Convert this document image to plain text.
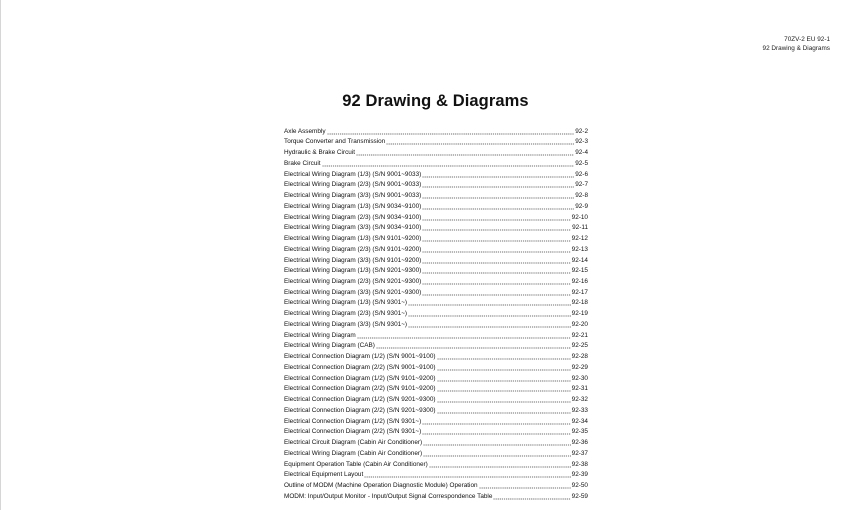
70ZV-2 EU 92-1
92 Drawing & Diagrams
92 Drawing & Diagrams
Axle Assembly	92-2
Torque Converter and Transmission	92-3
Hydraulic & Brake Circuit	92-4
Brake Circuit	92-5
Electrical Wiring Diagram (1/3) (S/N 9001~9033)	92-6
Electrical Wiring Diagram (2/3) (S/N 9001~9033)	92-7
Electrical Wiring Diagram (3/3) (S/N 9001~9033)	92-8
Electrical Wiring Diagram (1/3) (S/N 9034~9100)	92-9
Electrical Wiring Diagram (2/3) (S/N 9034~9100)	92-10
Electrical Wiring Diagram (3/3) (S/N 9034~9100)	92-11
Electrical Wiring Diagram (1/3) (S/N 9101~9200)	92-12
Electrical Wiring Diagram (2/3) (S/N 9101~9200)	92-13
Electrical Wiring Diagram (3/3) (S/N 9101~9200)	92-14
Electrical Wiring Diagram (1/3) (S/N 9201~9300)	92-15
Electrical Wiring Diagram (2/3) (S/N 9201~9300)	92-16
Electrical Wiring Diagram (3/3) (S/N 9201~9300)	92-17
Electrical Wiring Diagram (1/3) (S/N 9301~)	92-18
Electrical Wiring Diagram (2/3) (S/N 9301~)	92-19
Electrical Wiring Diagram (3/3) (S/N 9301~)	92-20
Electrical Wiring Diagram	92-21
Electrical Wiring Diagram (CAB)	92-25
Electrical Connection Diagram (1/2) (S/N 9001~9100)	92-28
Electrical Connection Diagram (2/2) (S/N 9001~9100)	92-29
Electrical Connection Diagram (1/2) (S/N 9101~9200)	92-30
Electrical Connection Diagram (2/2) (S/N 9101~9200)	92-31
Electrical Connection Diagram (1/2) (S/N 9201~9300)	92-32
Electrical Connection Diagram (2/2) (S/N 9201~9300)	92-33
Electrical Connection Diagram (1/2) (S/N 9301~)	92-34
Electrical Connection Diagram (2/2) (S/N 9301~)	92-35
Electrical Circuit Diagram (Cabin Air Conditioner)	92-36
Electrical Wiring Diagram (Cabin Air Conditioner)	92-37
Equipment Operation Table (Cabin Air Conditioner)	92-38
Electrical Equipment Layout	92-39
Outline of MODM (Machine Operation Diagnostic Module) Operation	92-50
MODM: Input/Output Monitor - Input/Output Signal Correspondence Table	92-59
